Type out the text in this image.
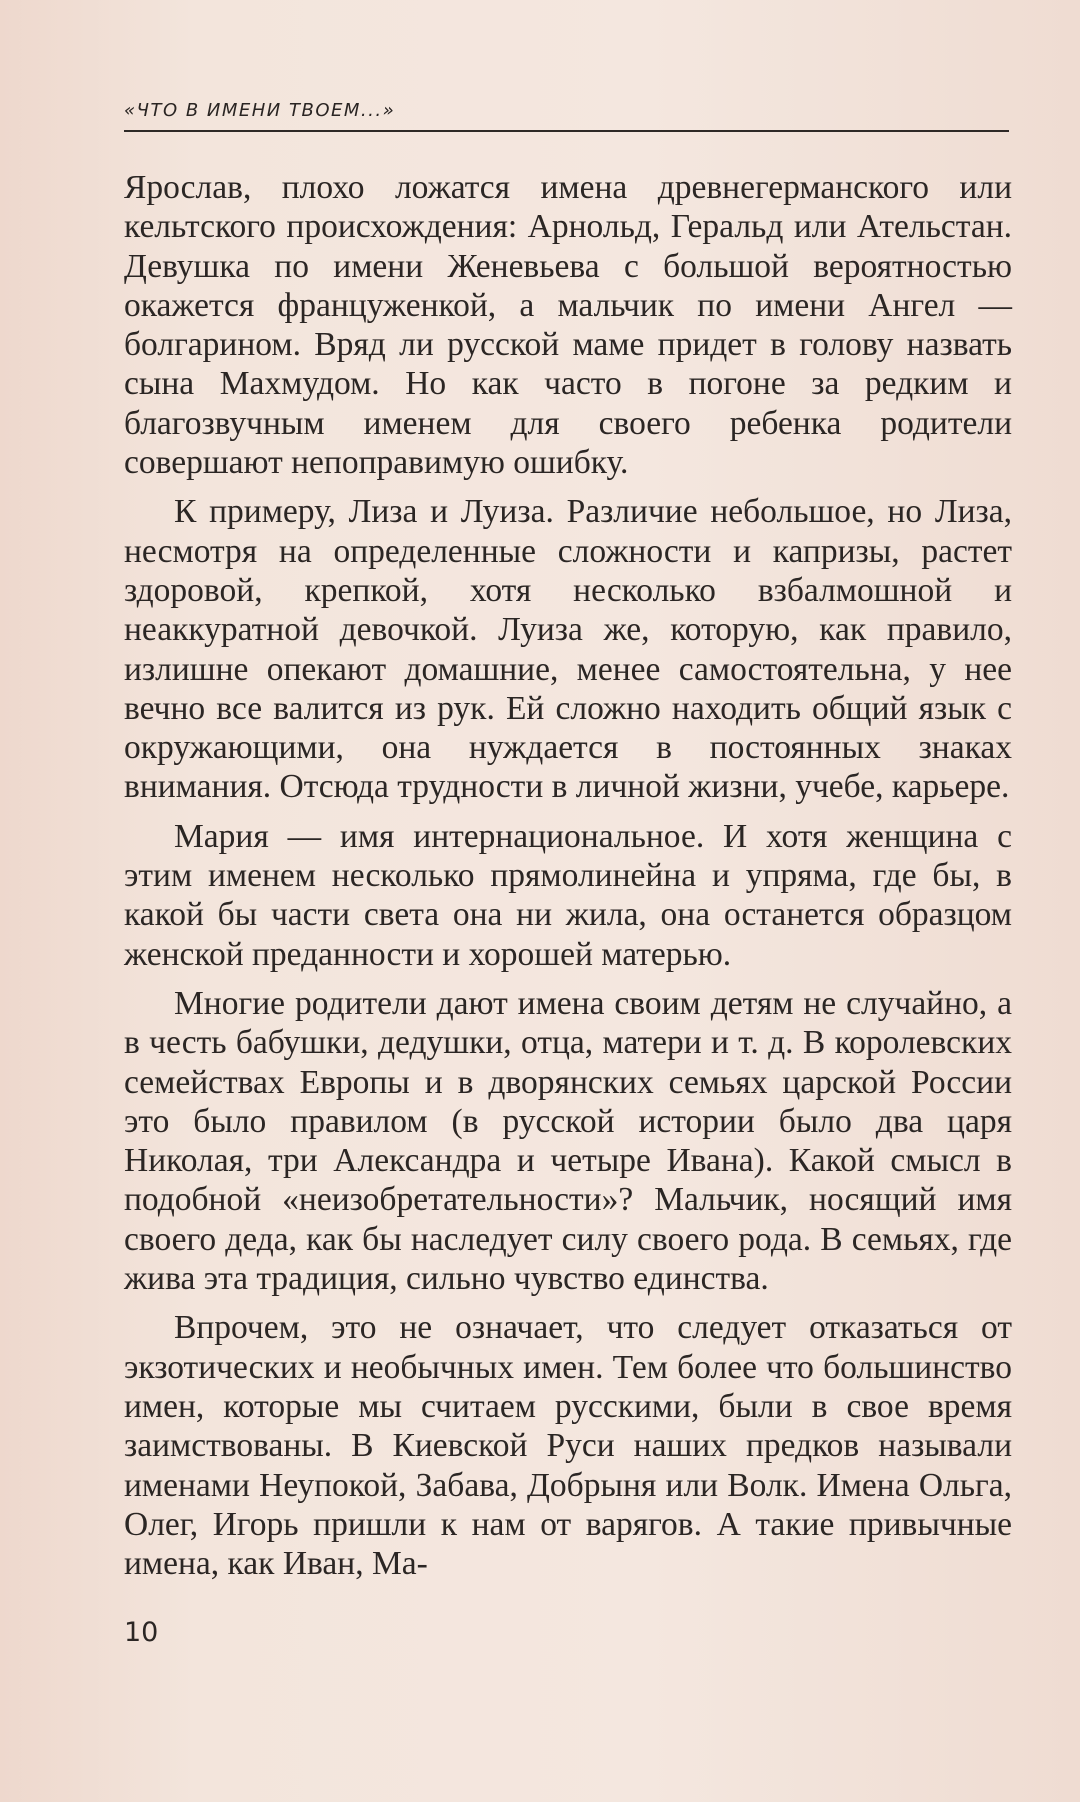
«ЧТО В ИМЕНИ ТВОЕМ...»

Ярослав, плохо ложатся имена древнегерманского или кельтского происхождения: Арнольд, Геральд или Ательстан. Девушка по имени Женевьева с большой вероятностью окажется француженкой, а мальчик по имени Ангел — болгарином. Вряд ли русской маме придет в голову назвать сына Махмудом. Но как часто в погоне за редким и благозвучным именем для своего ребенка родители совершают непоправимую ошибку.

К примеру, Лиза и Луиза. Различие небольшое, но Лиза, несмотря на определенные сложности и капризы, растет здоровой, крепкой, хотя несколько взбалмошной и неаккуратной девочкой. Луиза же, которую, как правило, излишне опекают домашние, менее самостоятельна, у нее вечно все валится из рук. Ей сложно находить общий язык с окружающими, она нуждается в постоянных знаках внимания. Отсюда трудности в личной жизни, учебе, карьере.

Мария — имя интернациональное. И хотя женщина с этим именем несколько прямолинейна и упряма, где бы, в какой бы части света она ни жила, она останется образцом женской преданности и хорошей матерью.

Многие родители дают имена своим детям не случайно, а в честь бабушки, дедушки, отца, матери и т. д. В королевских семействах Европы и в дворянских семьях царской России это было правилом (в русской истории было два царя Николая, три Александра и четыре Ивана). Какой смысл в подобной «неизобретательности»? Мальчик, носящий имя своего деда, как бы наследует силу своего рода. В семьях, где жива эта традиция, сильно чувство единства.

Впрочем, это не означает, что следует отказаться от экзотических и необычных имен. Тем более что большинство имен, которые мы считаем русскими, были в свое время заимствованы. В Киевской Руси наших предков называли именами Неупокой, Забава, Добрыня или Волк. Имена Ольга, Олег, Игорь пришли к нам от варягов. А такие привычные имена, как Иван, Ма-

10
